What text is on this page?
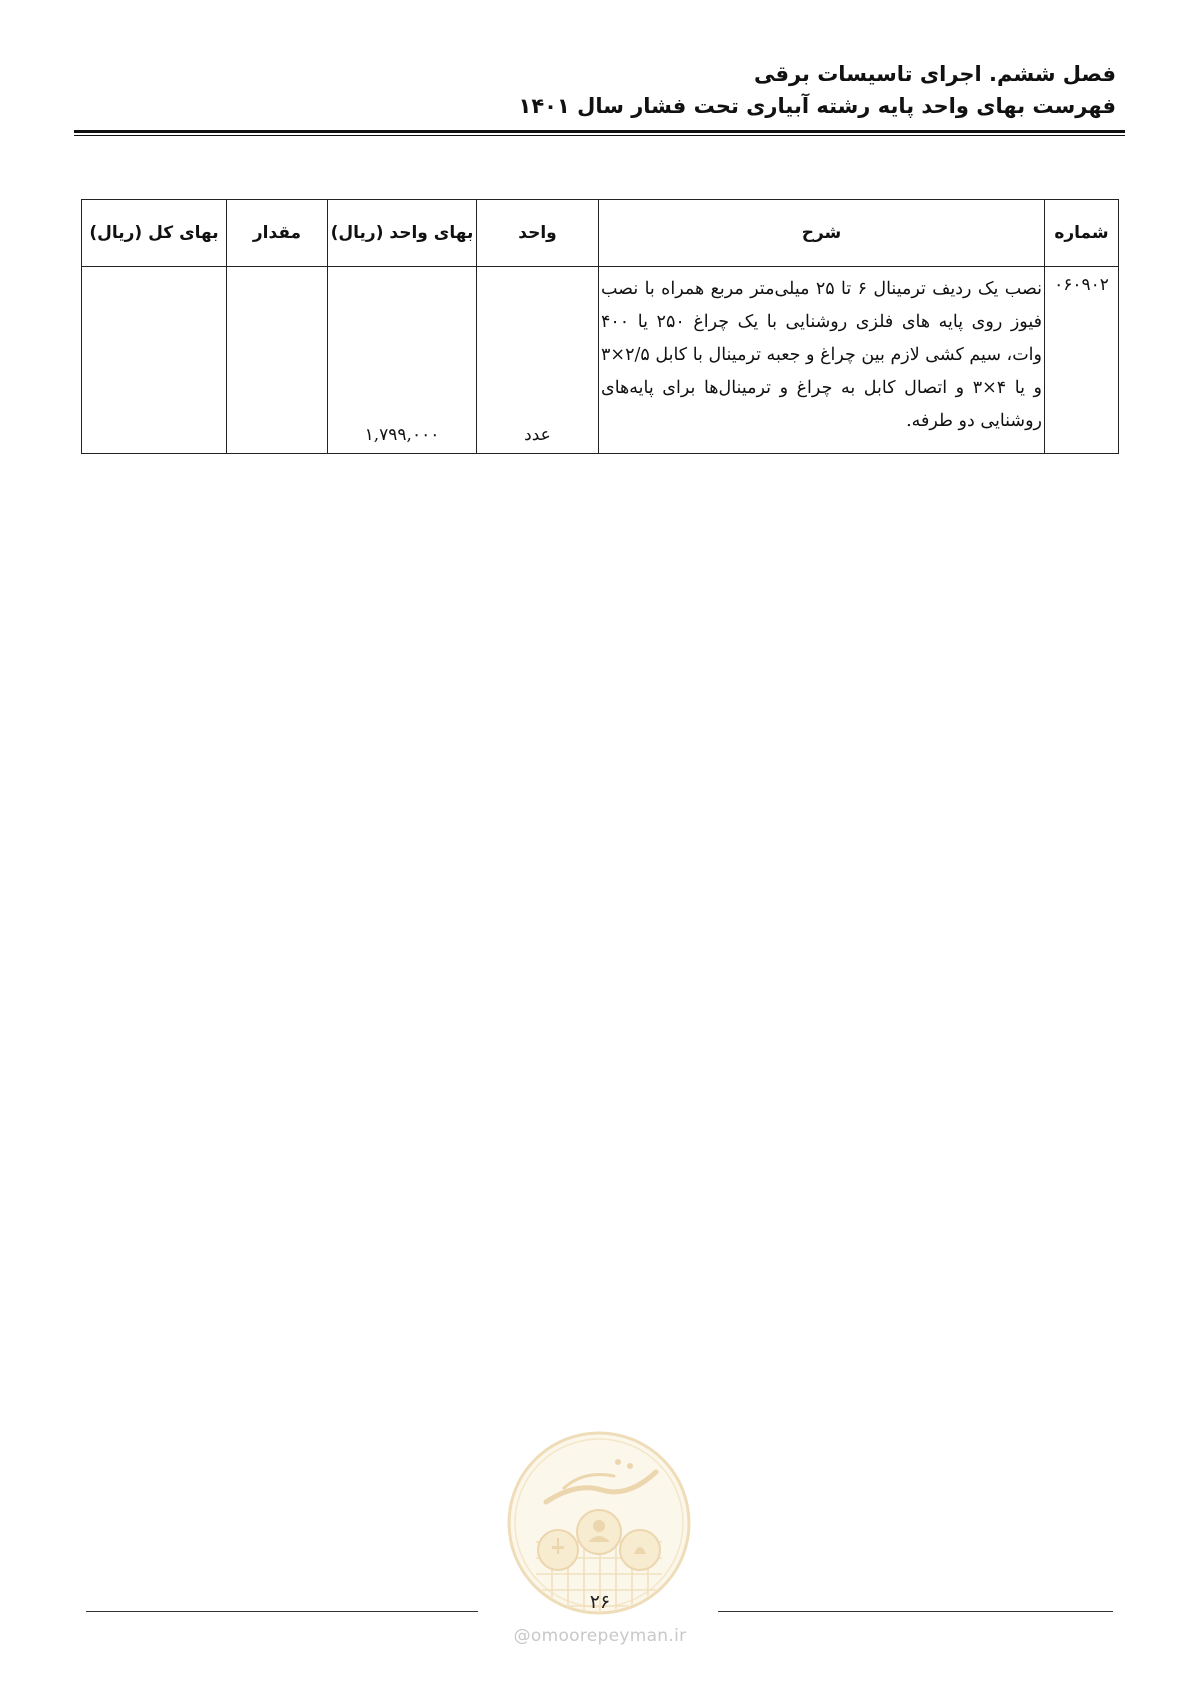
فصل ششم. اجرای تاسیسات برقی
فهرست بهای واحد پایه رشته آبیاری تحت فشار سال ۱۴۰۱
شماره	شرح	واحد	بهای واحد (ریال)	مقدار	بهای کل (ریال)
۰۶۰۹۰۲	نصب یک ردیف ترمینال ۶ تا ۲۵ میلی‌متر مربع همراه با نصب فیوز روی پایه های فلزی روشنایی با یک چراغ ۲۵۰ یا ۴۰۰ وات، سیم کشی لازم بین چراغ و جعبه ترمینال با کابل ۲/۵×۳ و یا ۴×۳ و اتصال کابل به چراغ و ترمینال‌ها برای پایه‌های روشنایی دو طرفه.	عدد	۱,۷۹۹,۰۰۰		
۲۶
@omoorepeyman.ir
